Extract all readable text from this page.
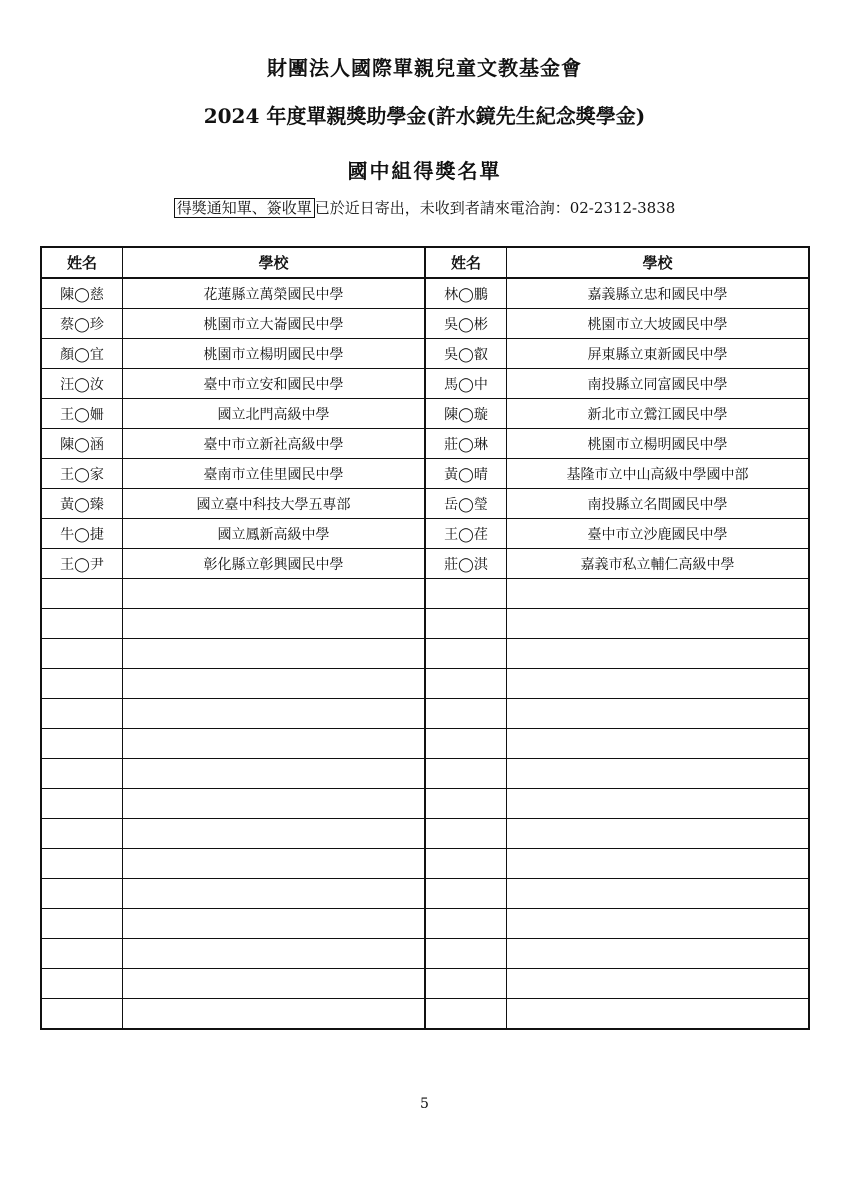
財團法人國際單親兒童文教基金會
2024 年度單親獎助學金(許水鏡先生紀念獎學金)
國中組得獎名單
得獎通知單、簽收單 已於近日寄出，未收到者請來電洽詢：02-2312-3838
姓名	學校	姓名	學校
陳◯慈	花蓮縣立萬榮國民中學	林◯鵬	嘉義縣立忠和國民中學
蔡◯珍	桃園市立大崙國民中學	吳◯彬	桃園市立大坡國民中學
顏◯宜	桃園市立楊明國民中學	吳◯叡	屏東縣立東新國民中學
汪◯汝	臺中市立安和國民中學	馬◯中	南投縣立同富國民中學
王◯姍	國立北門高級中學	陳◯璇	新北市立鶯江國民中學
陳◯涵	臺中市立新社高級中學	莊◯琳	桃園市立楊明國民中學
王◯家	臺南市立佳里國民中學	黃◯晴	基隆市立中山高級中學國中部
黃◯臻	國立臺中科技大學五專部	岳◯瑩	南投縣立名間國民中學
牛◯捷	國立鳳新高級中學	王◯荏	臺中市立沙鹿國民中學
王◯尹	彰化縣立彰興國民中學	莊◯淇	嘉義市私立輔仁高級中學

5
